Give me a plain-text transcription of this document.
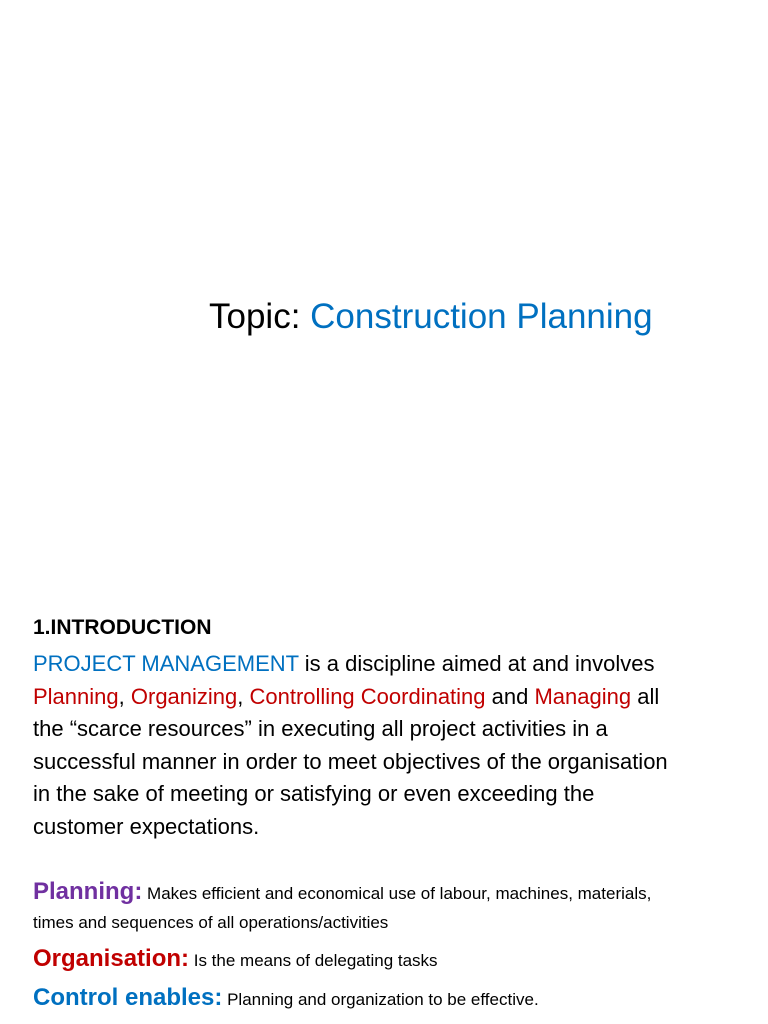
Topic: Construction Planning
1.INTRODUCTION
PROJECT MANAGEMENT is a discipline aimed at and involves
Planning, Organizing, Controlling Coordinating and Managing all
the “scarce resources” in executing all project activities in a
successful manner in order to meet objectives of the organisation
in the sake of meeting or satisfying or even exceeding the
customer expectations.
Planning: Makes efficient and economical use of labour, machines, materials,
times and sequences of all operations/activities
Organisation: Is the means of delegating tasks
Control enables: Planning and organization to be effective.
